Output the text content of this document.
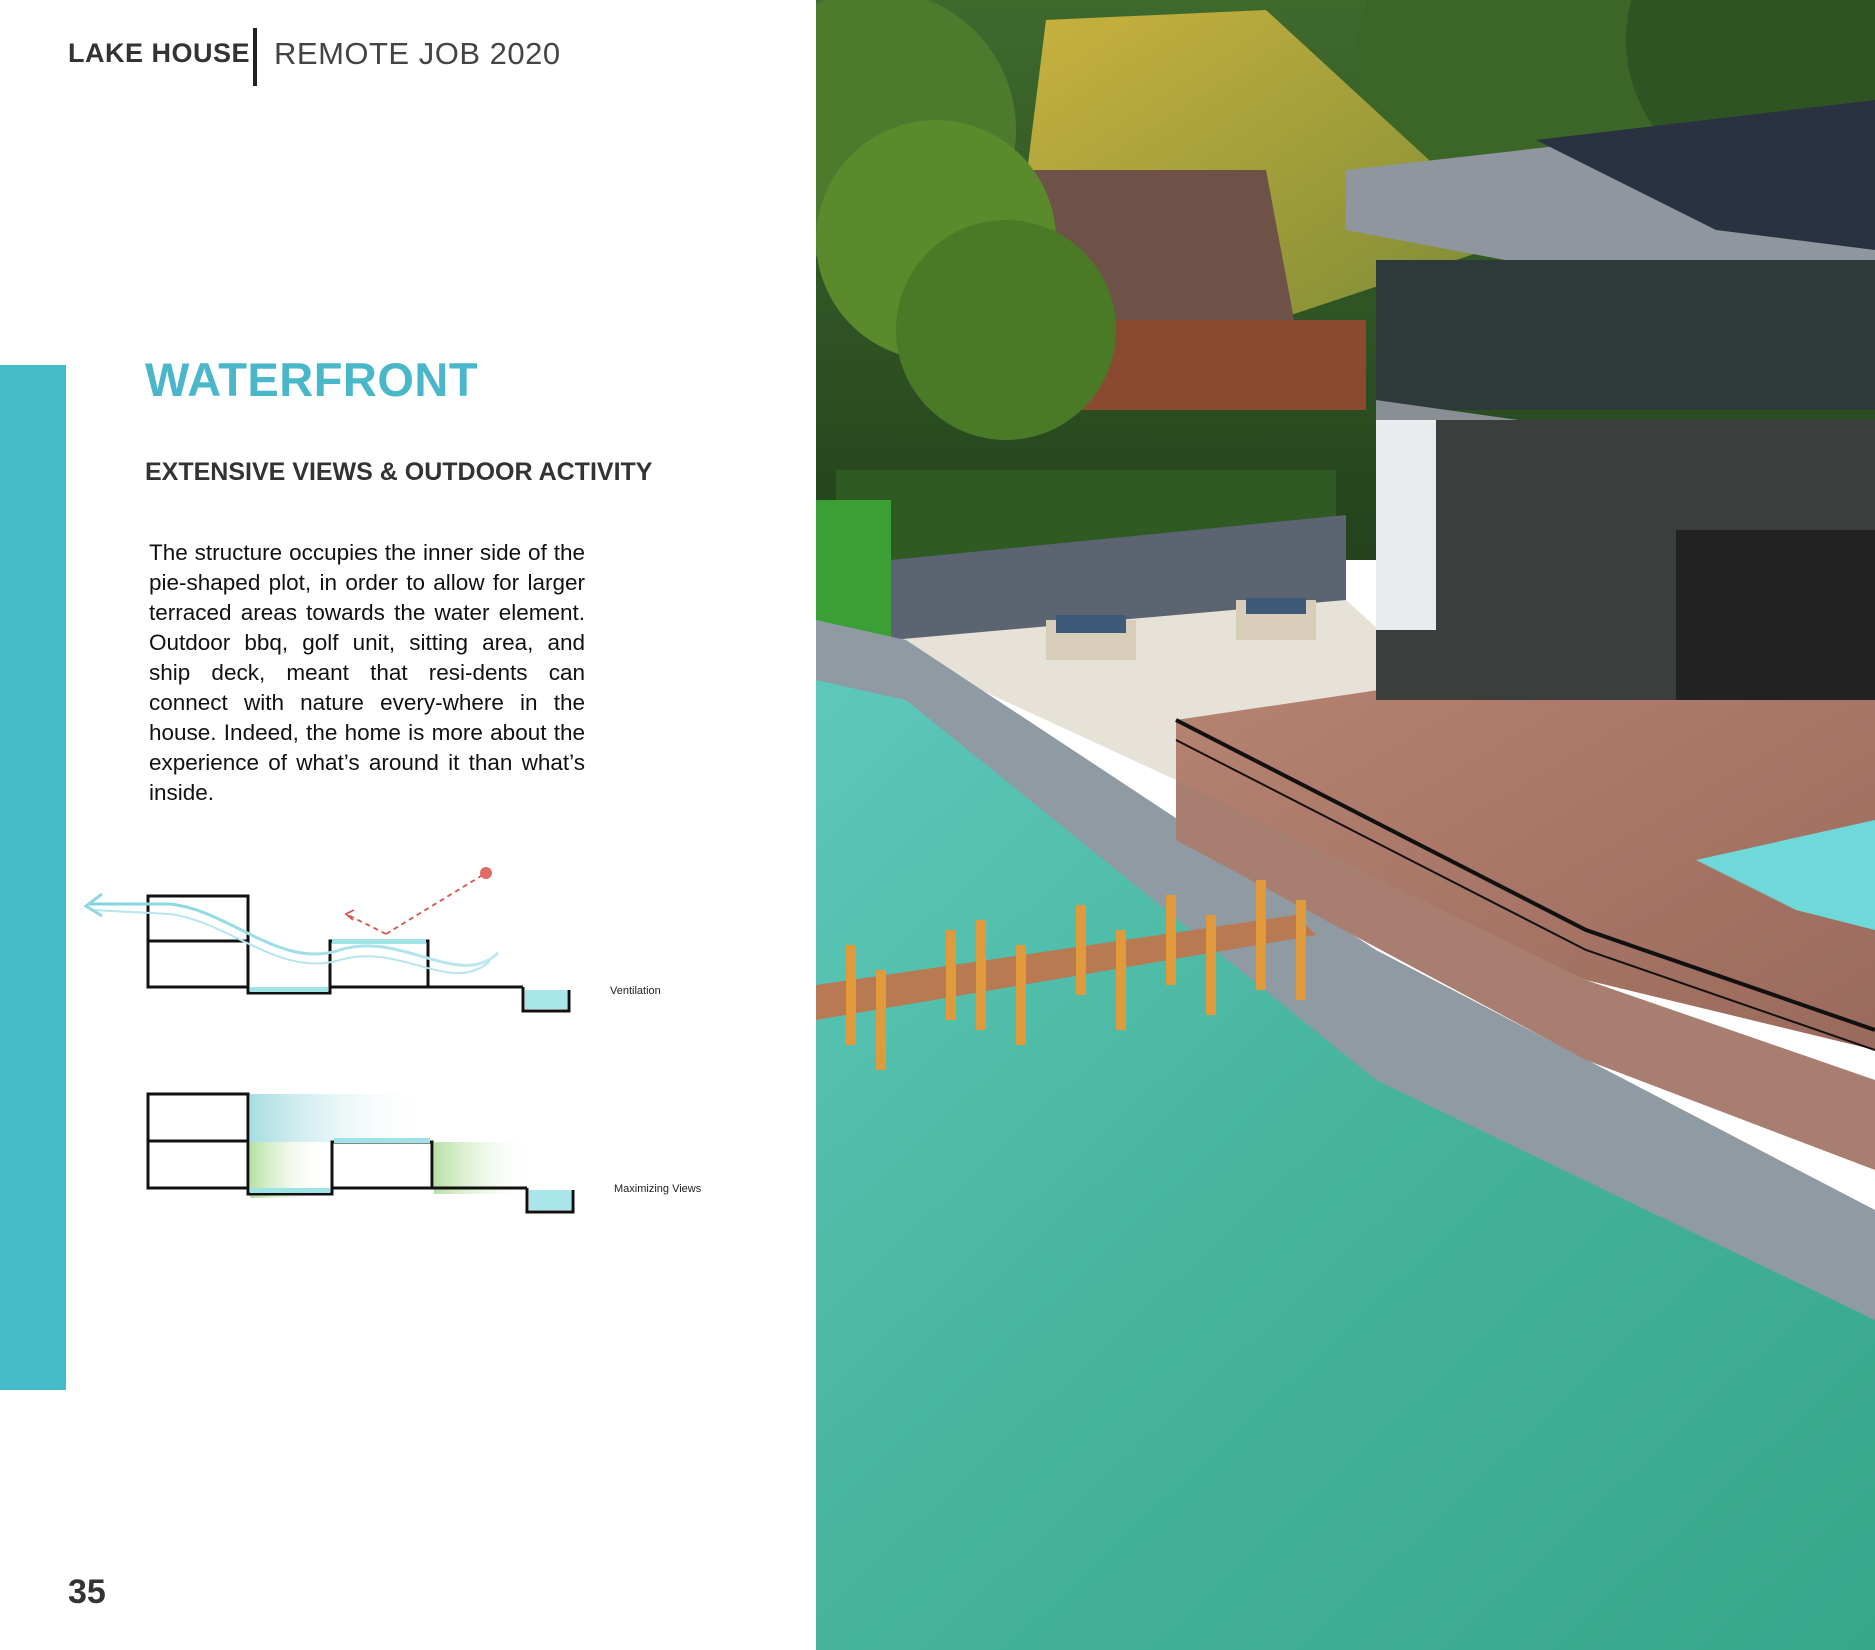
LAKE HOUSE REMOTE JOB 2020
WATERFRONT
EXTENSIVE VIEWS & OUTDOOR ACTIVITY
The structure occupies the inner side of the pie-shaped plot, in order to allow for larger terraced areas towards the water element. Outdoor bbq, golf unit, sitting area, and ship deck, meant that resi-dents can connect with nature every-where in the house. Indeed, the home is more about the experience of what’s around it than what’s inside.
Ventilation
Maximizing Views
35
